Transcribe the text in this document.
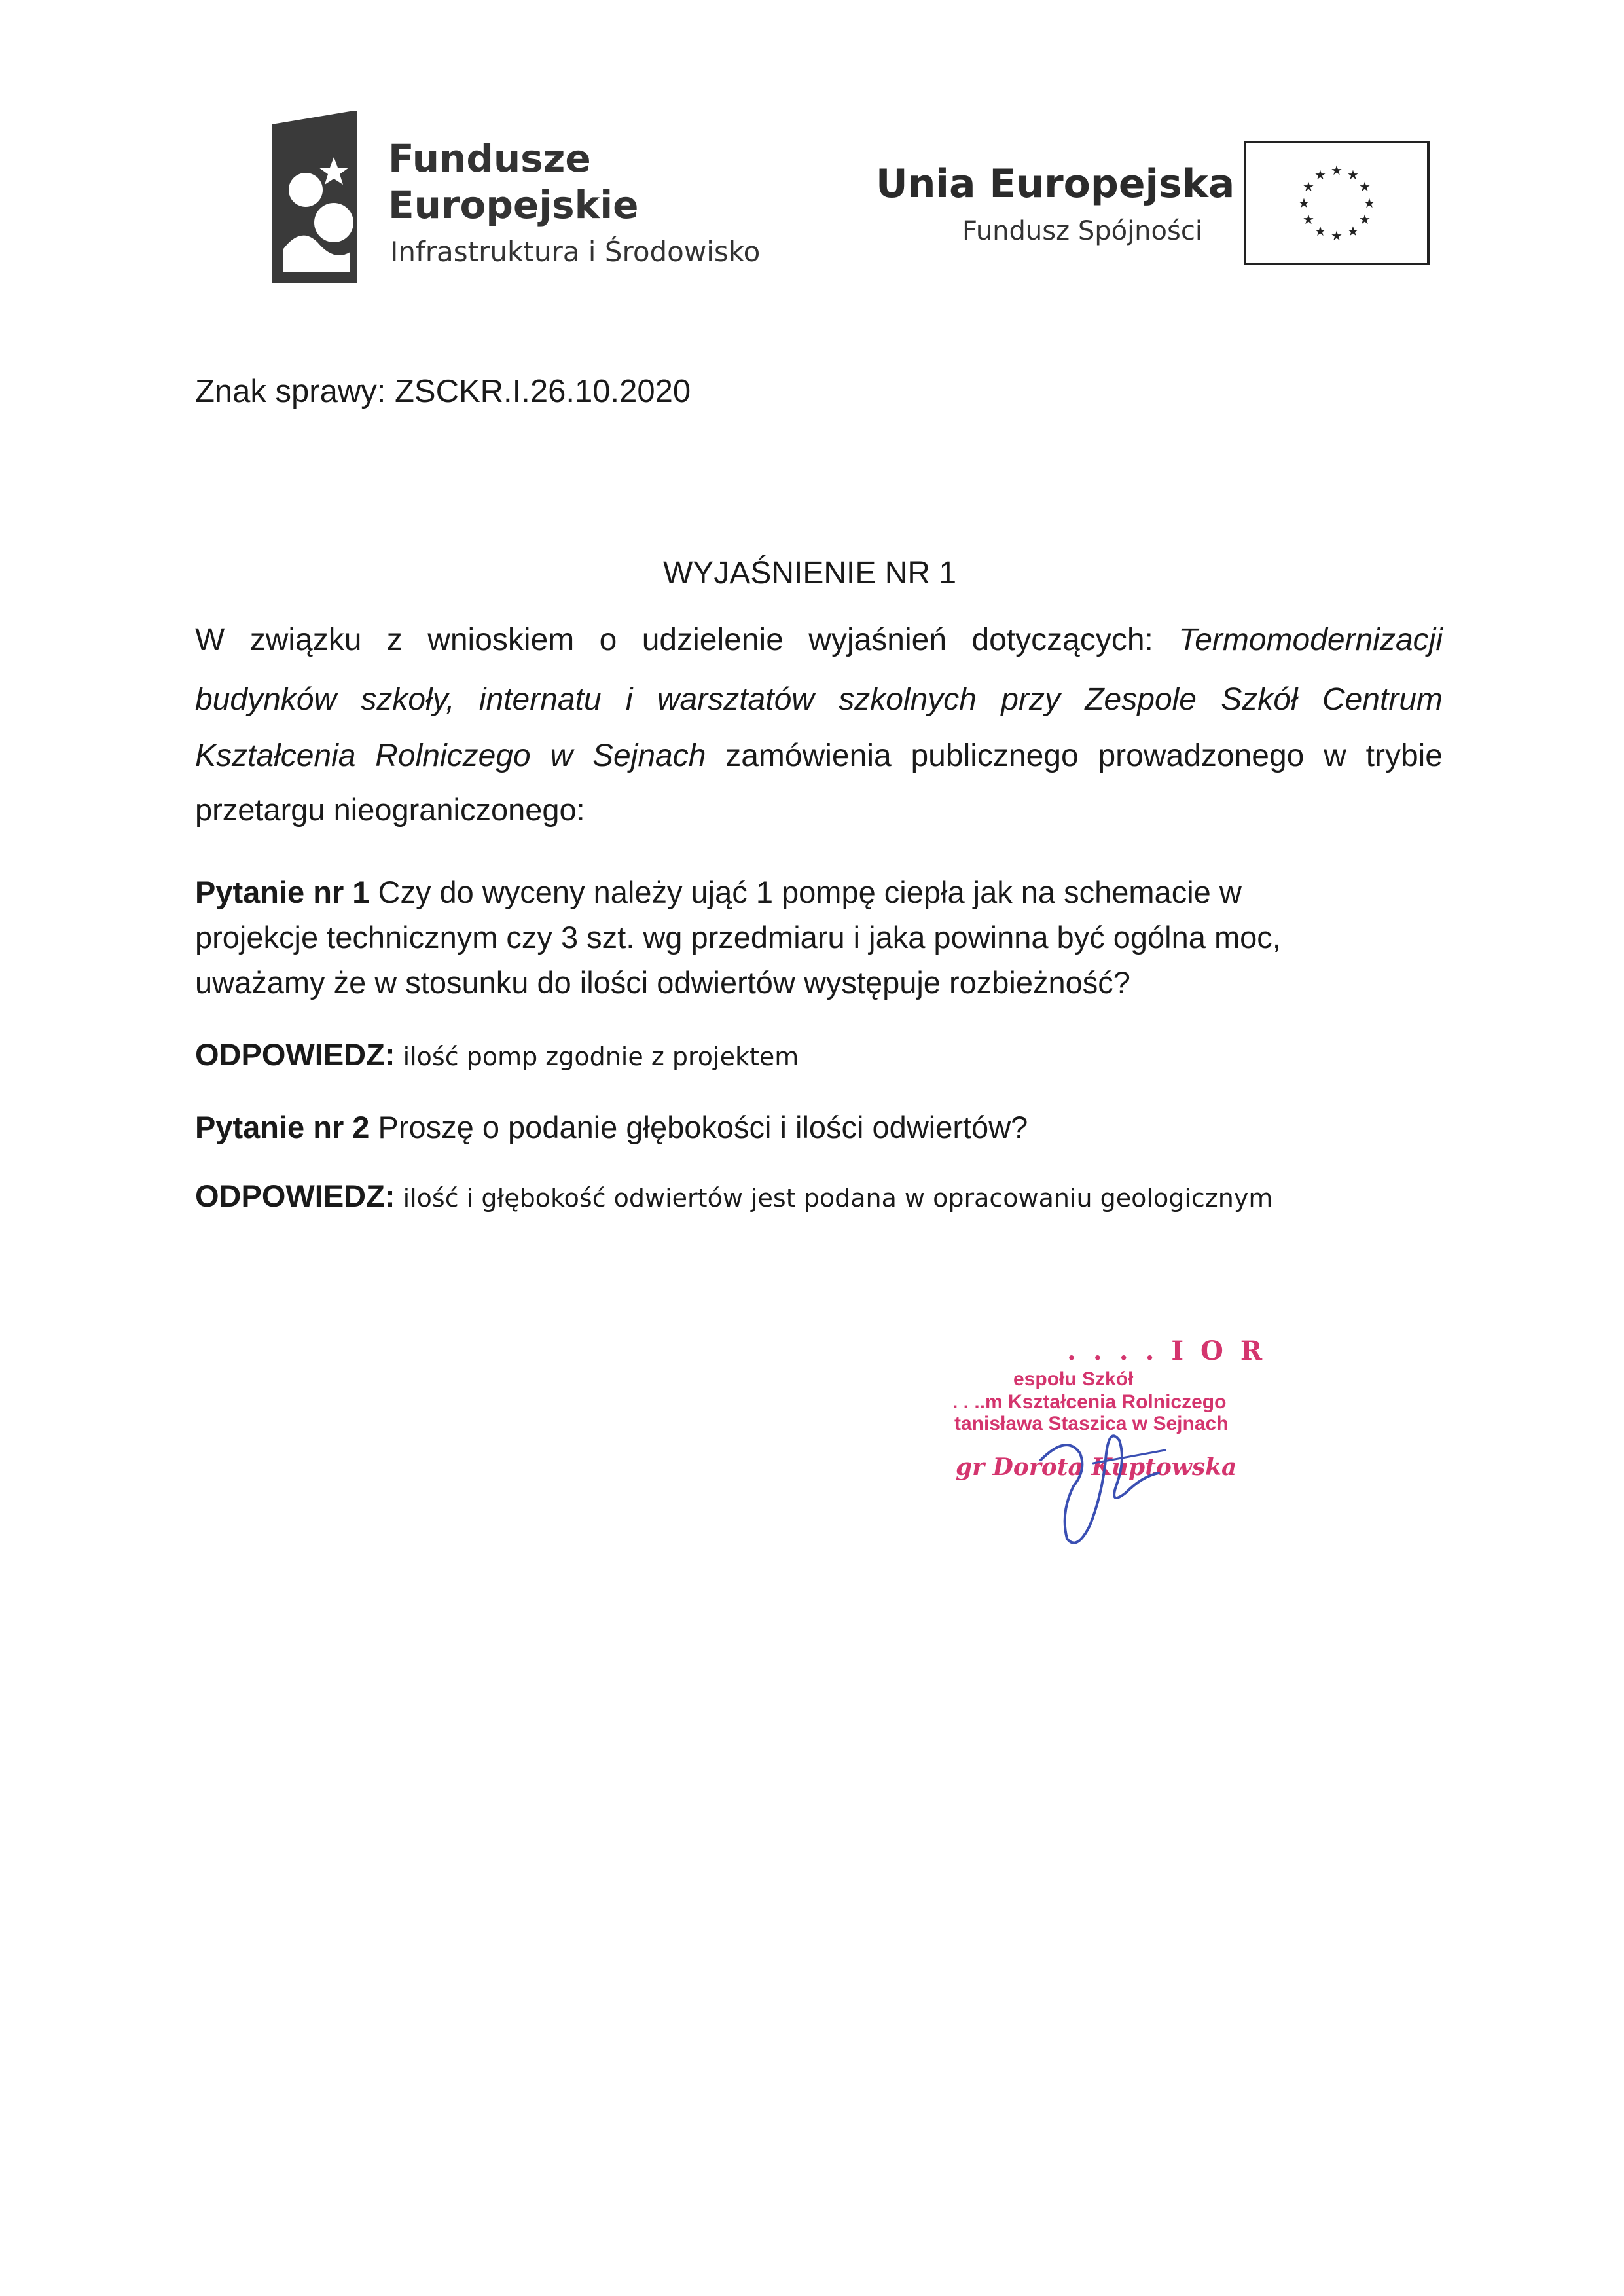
Fundusze
Europejskie
Infrastruktura i Środowisko
Unia Europejska
Fundusz Spójności
★ ★
★
★
★
★
★
★
★
★
★
★
Znak sprawy: ZSCKR.I.26.10.2020
WYJAŚNIENIE NR 1
W związku z wnioskiem o udzielenie wyjaśnień dotyczących: Termomodernizacji
budynków szkoły, internatu i warsztatów szkolnych przy Zespole Szkół Centrum
Kształcenia Rolniczego w Sejnach zamówienia publicznego prowadzonego w trybie
przetargu nieograniczonego:
Pytanie nr 1 Czy do wyceny należy ująć 1 pompę ciepła jak na schemacie w
projekcje technicznym czy 3 szt. wg przedmiaru i jaka powinna być ogólna moc,
uważamy że w stosunku do ilości odwiertów występuje rozbieżność?
ODPOWIEDZ: ilość pomp zgodnie z projektem
Pytanie nr 2 Proszę o podanie głębokości i ilości odwiertów?
ODPOWIEDZ: ilość i głębokość odwiertów jest podana w opracowaniu geologicznym
. . . . I O R
espołu Szkół
. . ..m Kształcenia Rolniczego
tanisława Staszica w Sejnach
gr Dorota Kuptowska
